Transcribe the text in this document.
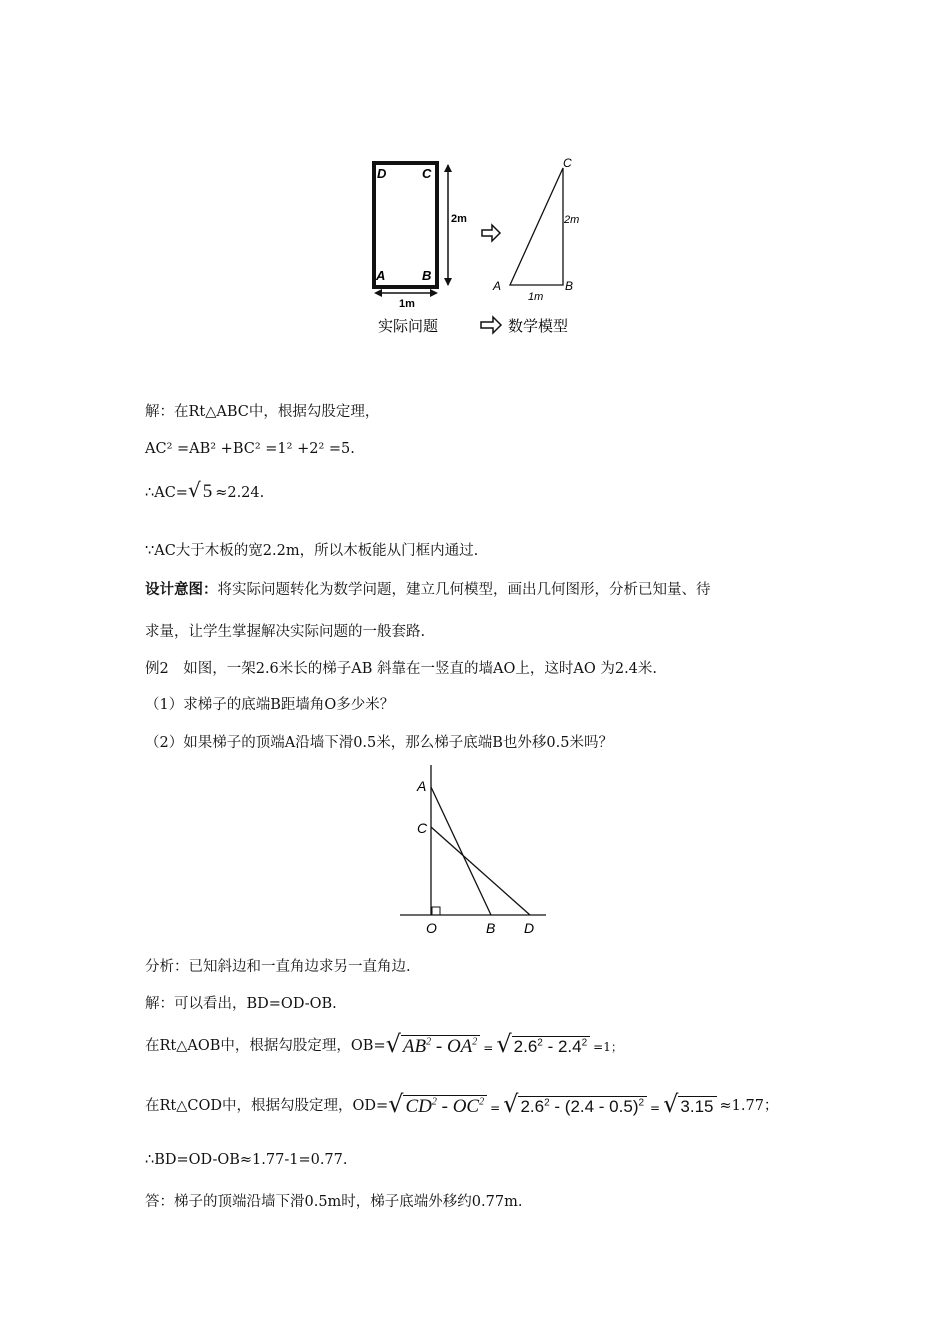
D	C
A	B
2m
1m
C
A	B
2m
1m
实际问题	数学模型
解：在Rt△ABC中，根据勾股定理，
AC² =AB² +BC² =1² +2² =5.
∴AC=√ 5 ≈2.24.
∵AC大于木板的宽2.2m，所以木板能从门框内通过.
设计意图：将实际问题转化为数学问题，建立几何模型，画出几何图形，分析已知量、待
求量，让学生掌握解决实际问题的一般套路.
例2　如图，一架2.6米长的梯子AB 斜靠在一竖直的墙AO上，这时AO 为2.4米.
（1）求梯子的底端B距墙角O多少米？
（2）如果梯子的顶端A沿墙下滑0.5米，那么梯子底端B也外移0.5米吗？
A
C
O	B D
分析：已知斜边和一直角边求另一直角边.
解：可以看出，BD=OD-OB.
在Rt△AOB中，根据勾股定理，OB= √ $AB^2 - OA^2$ = √ $2.6^2 - 2.4^2 =1$；
在Rt△COD中，根据勾股定理，OD= √ $CD^2 - OC^2$ = √ $2.6^2 - (2.4 - 0.5)^2$ = √ 3.15 ≈1.77；
∴BD=OD-OB≈1.77-1=0.77.
答：梯子的顶端沿墙下滑0.5m时，梯子底端外移约0.77m.
